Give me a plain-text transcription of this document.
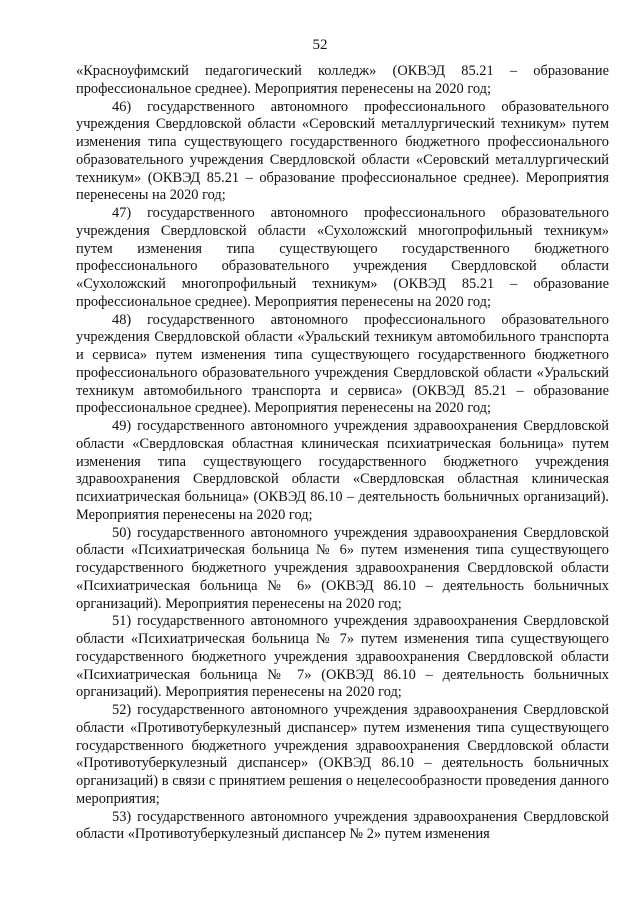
52

«Красноуфимский педагогический колледж» (ОКВЭД 85.21 – образование профессиональное среднее). Мероприятия перенесены на 2020 год;

46) государственного автономного профессионального образовательного учреждения Свердловской области «Серовский металлургический техникум» путем изменения типа существующего государственного бюджетного профессионального образовательного учреждения Свердловской области «Серовский металлургический техникум» (ОКВЭД 85.21 – образование профессиональное среднее). Мероприятия перенесены на 2020 год;

47) государственного автономного профессионального образовательного учреждения Свердловской области «Сухоложский многопрофильный техникум» путем изменения типа существующего государственного бюджетного профессионального образовательного учреждения Свердловской области «Сухоложский многопрофильный техникум» (ОКВЭД 85.21 – образование профессиональное среднее). Мероприятия перенесены на 2020 год;

48) государственного автономного профессионального образовательного учреждения Свердловской области «Уральский техникум автомобильного транспорта и сервиса» путем изменения типа существующего государственного бюджетного профессионального образовательного учреждения Свердловской области «Уральский техникум автомобильного транспорта и сервиса» (ОКВЭД 85.21 – образование профессиональное среднее). Мероприятия перенесены на 2020 год;

49) государственного автономного учреждения здравоохранения Свердловской области «Свердловская областная клиническая психиатрическая больница» путем изменения типа существующего государственного бюджетного учреждения здравоохранения Свердловской области «Свердловская областная клиническая психиатрическая больница» (ОКВЭД 86.10 – деятельность больничных организаций). Мероприятия перенесены на 2020 год;

50) государственного автономного учреждения здравоохранения Свердловской области «Психиатрическая больница № 6» путем изменения типа существующего государственного бюджетного учреждения здравоохранения Свердловской области «Психиатрическая больница № 6» (ОКВЭД 86.10 – деятельность больничных организаций). Мероприятия перенесены на 2020 год;

51) государственного автономного учреждения здравоохранения Свердловской области «Психиатрическая больница № 7» путем изменения типа существующего государственного бюджетного учреждения здравоохранения Свердловской области «Психиатрическая больница № 7» (ОКВЭД 86.10 – деятельность больничных организаций). Мероприятия перенесены на 2020 год;

52) государственного автономного учреждения здравоохранения Свердловской области «Противотуберкулезный диспансер» путем изменения типа существующего государственного бюджетного учреждения здравоохранения Свердловской области «Противотуберкулезный диспансер» (ОКВЭД 86.10 – деятельность больничных организаций) в связи с принятием решения о нецелесообразности проведения данного мероприятия;

53) государственного автономного учреждения здравоохранения Свердловской области «Противотуберкулезный диспансер № 2» путем изменения
